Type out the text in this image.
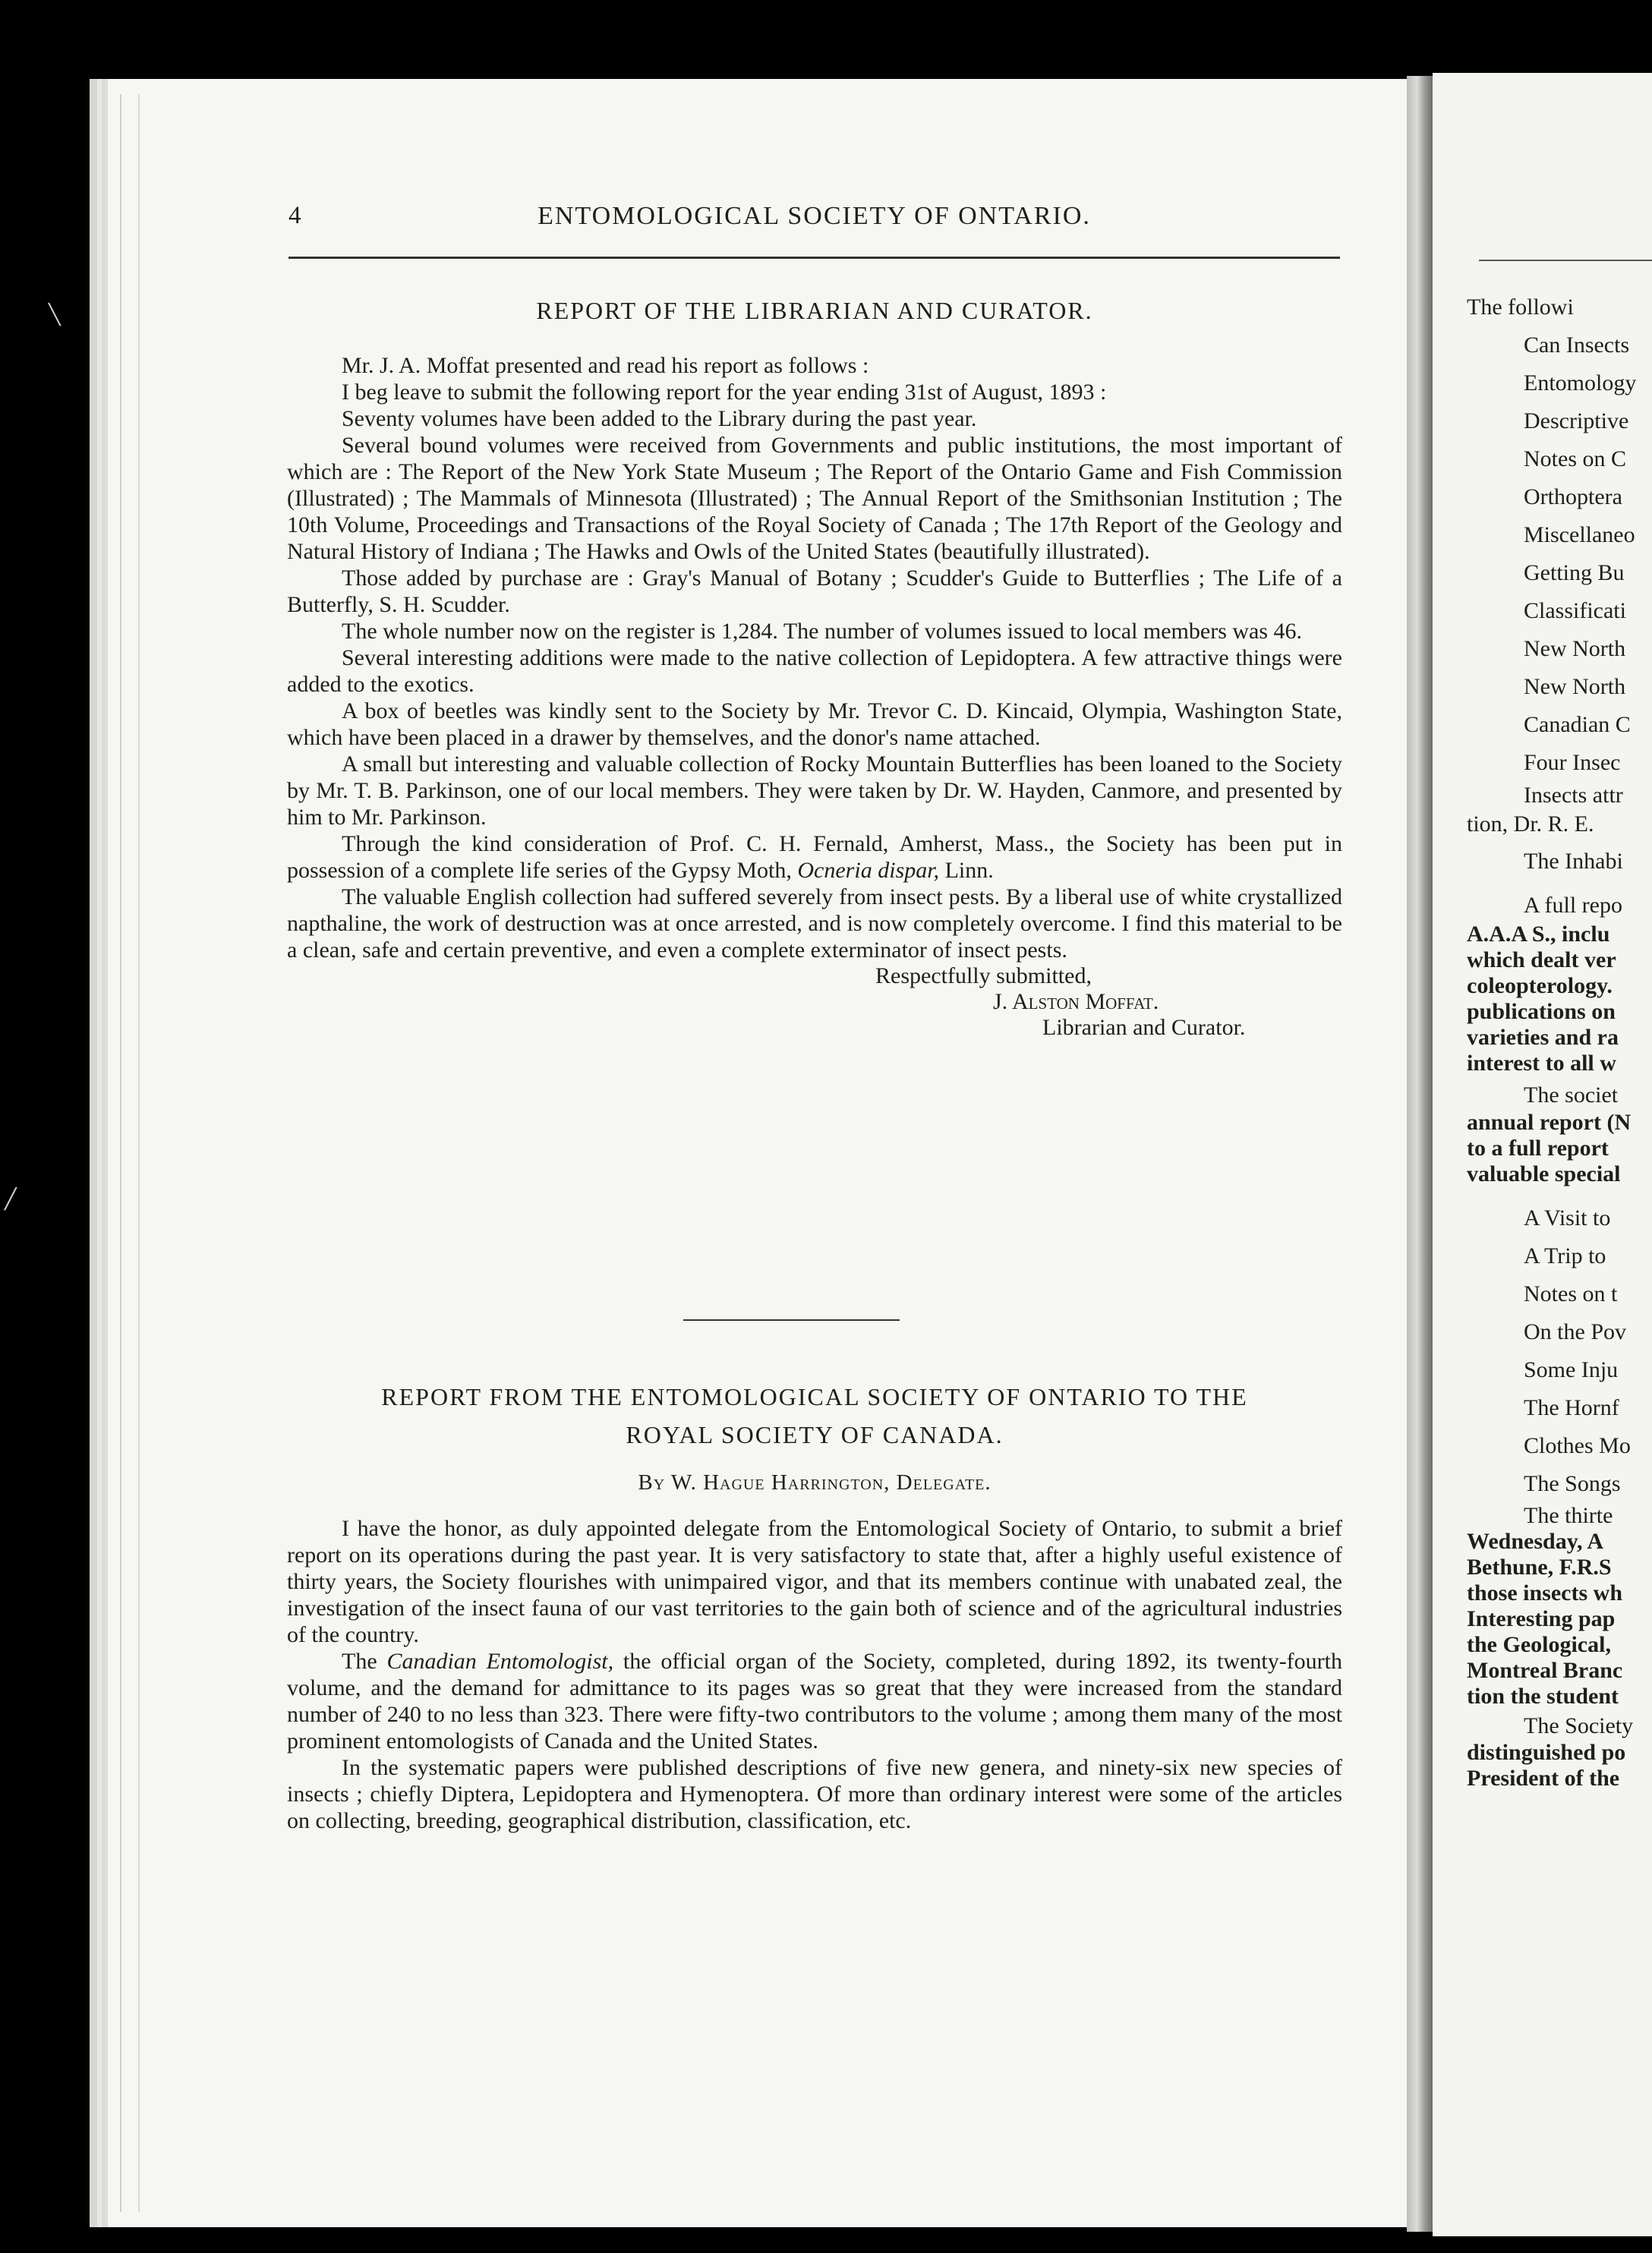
╲
╱
4	ENTOMOLOGICAL SOCIETY OF ONTARIO.
REPORT OF THE LIBRARIAN AND CURATOR.

Mr. J. A. Moffat presented and read his report as follows :

I beg leave to submit the following report for the year ending 31st of August, 1893 :

Seventy volumes have been added to the Library during the past year.

Several bound volumes were received from Governments and public institutions, the most important of which are : The Report of the New York State Museum ; The Report of the Ontario Game and Fish Commission (Illustrated) ; The Mammals of Minnesota (Illustrated) ; The Annual Report of the Smithsonian Institution ; The 10th Volume, Proceedings and Transactions of the Royal Society of Canada ; The 17th Report of the Geology and Natural History of Indiana ; The Hawks and Owls of the United States (beautifully illustrated).

Those added by purchase are : Gray's Manual of Botany ; Scudder's Guide to Butterflies ; The Life of a Butterfly, S. H. Scudder.

The whole number now on the register is 1,284. The number of volumes issued to local members was 46.

Several interesting additions were made to the native collection of Lepidoptera. A few attractive things were added to the exotics.

A box of beetles was kindly sent to the Society by Mr. Trevor C. D. Kincaid, Olympia, Washington State, which have been placed in a drawer by themselves, and the donor's name attached.

A small but interesting and valuable collection of Rocky Mountain Butterflies has been loaned to the Society by Mr. T. B. Parkinson, one of our local members. They were taken by Dr. W. Hayden, Canmore, and presented by him to Mr. Parkinson.

Through the kind consideration of Prof. C. H. Fernald, Amherst, Mass., the Society has been put in possession of a complete life series of the Gypsy Moth, Ocneria dispar, Linn.

The valuable English collection had suffered severely from insect pests. By a liberal use of white crystallized napthaline, the work of destruction was at once arrested, and is now completely overcome. I find this material to be a clean, safe and certain preventive, and even a complete exterminator of insect pests.

Respectfully submitted,
J. Alston Moffat.
Librarian and Curator.
REPORT FROM THE ENTOMOLOGICAL SOCIETY OF ONTARIO TO THE
ROYAL SOCIETY OF CANADA.
By W. Hague Harrington, Delegate.

I have the honor, as duly appointed delegate from the Entomological Society of Ontario, to submit a brief report on its operations during the past year. It is very satisfactory to state that, after a highly useful existence of thirty years, the Society flourishes with unimpaired vigor, and that its members continue with unabated zeal, the investigation of the insect fauna of our vast territories to the gain both of science and of the agricultural industries of the country.

The Canadian Entomologist, the official organ of the Society, completed, during 1892, its twenty-fourth volume, and the demand for admittance to its pages was so great that they were increased from the standard number of 240 to no less than 323. There were fifty-two contributors to the volume ; among them many of the most prominent entomologists of Canada and the United States.

In the systematic papers were published descriptions of five new genera, and ninety-six new species of insects ; chiefly Diptera, Lepidoptera and Hymenoptera. Of more than ordinary interest were some of the articles on collecting, breeding, geographical distribution, classification, etc.

The followi
Can Insects
Entomology
Descriptive
Notes on C
Orthoptera
Miscellaneo
Getting Bu
Classificati
New North
New North
Canadian C
Four Insec
Insects attr
tion, Dr. R. E.
The Inhabi
A full repo
A.A.A S., inclu
which dealt ver
coleopterology.
publications on
varieties and ra
interest to all w
The societ
annual report (N
to a full report
valuable special
A Visit to
A Trip to
Notes on t
On the Pov
Some Inju
The Hornf
Clothes Mo
The Songs
The thirte
Wednesday, A
Bethune, F.R.S
those insects wh
Interesting pap
the Geological,
Montreal Branc
tion the student
The Society
distinguished po
President of the
